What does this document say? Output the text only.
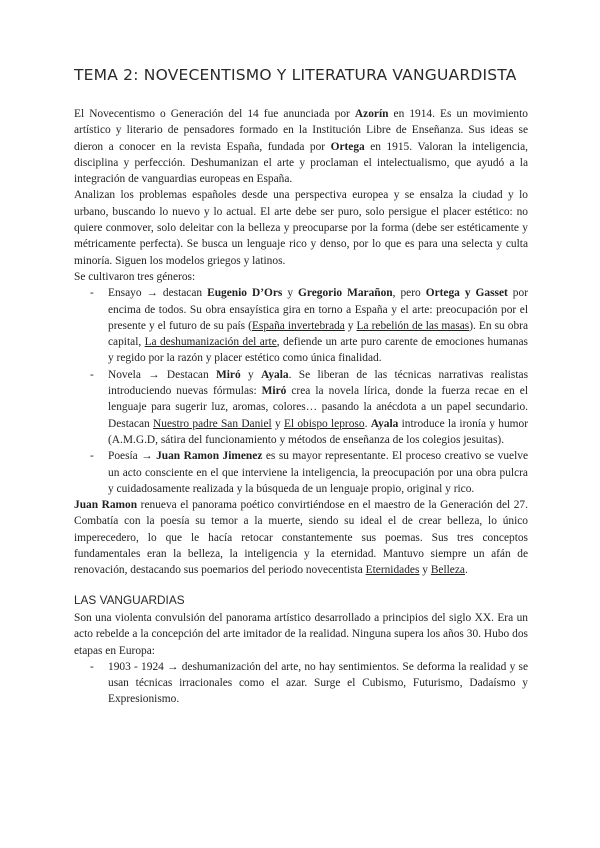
TEMA 2: NOVECENTISMO Y LITERATURA VANGUARDISTA

El Novecentismo o Generación del 14 fue anunciada por Azorín en 1914. Es un movimiento artístico y literario de pensadores formado en la Institución Libre de Enseñanza. Sus ideas se dieron a conocer en la revista España, fundada por Ortega en 1915. Valoran la inteligencia, disciplina y perfección. Deshumanizan el arte y proclaman el intelectualismo, que ayudó a la integración de vanguardias europeas en España.

Analizan los problemas españoles desde una perspectiva europea y se ensalza la ciudad y lo urbano, buscando lo nuevo y lo actual. El arte debe ser puro, solo persigue el placer estético: no quiere conmover, solo deleitar con la belleza y preocuparse por la forma (debe ser estéticamente y métricamente perfecta). Se busca un lenguaje rico y denso, por lo que es para una selecta y culta minoría. Siguen los modelos griegos y latinos.

Se cultivaron tres géneros:

- Ensayo → destacan Eugenio D’Ors y Gregorio Marañon, pero Ortega y Gasset por encima de todos. Su obra ensayística gira en torno a España y el arte: preocupación por el presente y el futuro de su país (España invertebrada y La rebelión de las masas). En su obra capital, La deshumanización del arte, defiende un arte puro carente de emociones humanas y regido por la razón y placer estético como única finalidad.
- Novela → Destacan Miró y Ayala. Se liberan de las técnicas narrativas realistas introduciendo nuevas fórmulas: Miró crea la novela lírica, donde la fuerza recae en el lenguaje para sugerir luz, aromas, colores… pasando la anécdota a un papel secundario. Destacan Nuestro padre San Daniel y El obispo leproso. Ayala introduce la ironía y humor (A.M.G.D, sátira del funcionamiento y métodos de enseñanza de los colegios jesuitas).
- Poesía → Juan Ramon Jimenez es su mayor representante. El proceso creativo se vuelve un acto consciente en el que interviene la inteligencia, la preocupación por una obra pulcra y cuidadosamente realizada y la búsqueda de un lenguaje propio, original y rico.

Juan Ramon renueva el panorama poético convirtiéndose en el maestro de la Generación del 27. Combatía con la poesía su temor a la muerte, siendo su ideal el de crear belleza, lo único imperecedero, lo que le hacía retocar constantemente sus poemas. Sus tres conceptos fundamentales eran la belleza, la inteligencia y la eternidad. Mantuvo siempre un afán de renovación, destacando sus poemarios del periodo novecentista Eternidades y Belleza.

LAS VANGUARDIAS

Son una violenta convulsión del panorama artístico desarrollado a principios del siglo XX. Era un acto rebelde a la concepción del arte imitador de la realidad. Ninguna supera los años 30. Hubo dos etapas en Europa:

- 1903 - 1924 → deshumanización del arte, no hay sentimientos. Se deforma la realidad y se usan técnicas irracionales como el azar. Surge el Cubismo, Futurismo, Dadaísmo y Expresionismo.
